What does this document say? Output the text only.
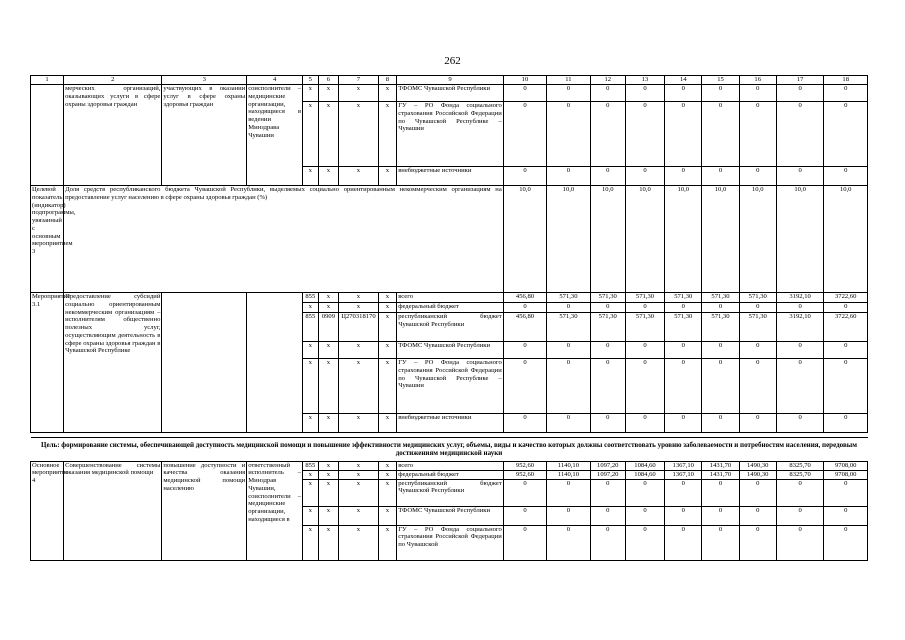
262
1	2	3	4	5	6	7	8	9	10	11	12	13	14	15	16	17	18
	мерческих организаций, оказывающих услуги в сфере охраны здоровья граждан	участвующих в оказании услуг в сфере охраны здоровья граждан	соисполнители – медицинские организации, находящиеся в ведении Минздрава Чувашии	x	x	x	x	ТФОМС Чувашской Республики	0	0	0	0	0	0	0	0	0
				x	x	x	x	ГУ – РО Фонда социального страхования Российской Федерации по Чувашской Республике – Чувашии	0	0	0	0	0	0	0	0	0
				x	x	x	x	внебюджетные источники	0	0	0	0	0	0	0	0	0
Целевой показатель (индикатор) подпрограммы, увязанный с основным мероприятием 3	Доля средств республиканского бюджета Чувашской Республики, выделяемых социально ориентированным некоммерческим организациям на предоставление услуг населению в сфере охраны здоровья граждан (%)								10,0	10,0	10,0	10,0	10,0	10,0	10,0	10,0	10,0
Мероприятие 3.1	Предоставление субсидий социально ориентированным некоммерческим организациям – исполнителям общественно полезных услуг, осуществляющим деятельность в сфере охраны здоровья граждан в Чувашской Республике			855	x	x	x	всего	456,80	571,30	571,30	571,30	571,30	571,30	571,30	3192,10	3722,60
				x	x	x	x	федеральный бюджет	0	0	0	0	0	0	0	0	0
				855	0909	Ц270318170	x	республиканский бюджет Чувашской Республики	456,80	571,30	571,30	571,30	571,30	571,30	571,30	3192,10	3722,60
				x	x	x	x	ТФОМС Чувашской Республики	0	0	0	0	0	0	0	0	0
				x	x	x	x	ГУ – РО Фонда социального страхования Российской Федерации по Чувашской Республике – Чувашии	0	0	0	0	0	0	0	0	0
				x	x	x	x	внебюджетные источники	0	0	0	0	0	0	0	0	0

Цель: формирование системы, обеспечивающей доступность медицинской помощи и повышение эффективности медицинских услуг, объемы, виды и качество которых должны соответствовать уровню заболеваемости и потребностям населения, передовым достижениям медицинской науки																	
Основное мероприятие 4	Совершенствование системы оказания медицинской помощи	повышение доступности и качества оказания медицинской помощи населению	ответственный исполнитель – Минздрав Чувашии, соисполнители – медицинские организации, находящиеся в	855	x	x	x	всего	952,60	1140,10	1097,20	1084,60	1367,10	1431,70	1490,30	8325,70	9708,00
				x	x	x	x	федеральный бюджет	952,60	1140,10	1097,20	1084,60	1367,10	1431,70	1490,30	8325,70	9708,00
				x	x	x	x	республиканский бюджет Чувашской Республики	0	0	0	0	0	0	0	0	0
				x	x	x	x	ТФОМС Чувашской Республики	0	0	0	0	0	0	0	0	0
				x	x	x	x	ГУ – РО Фонда социального страхования Российской Федерации по Чувашской	0	0	0	0	0	0	0	0	0
